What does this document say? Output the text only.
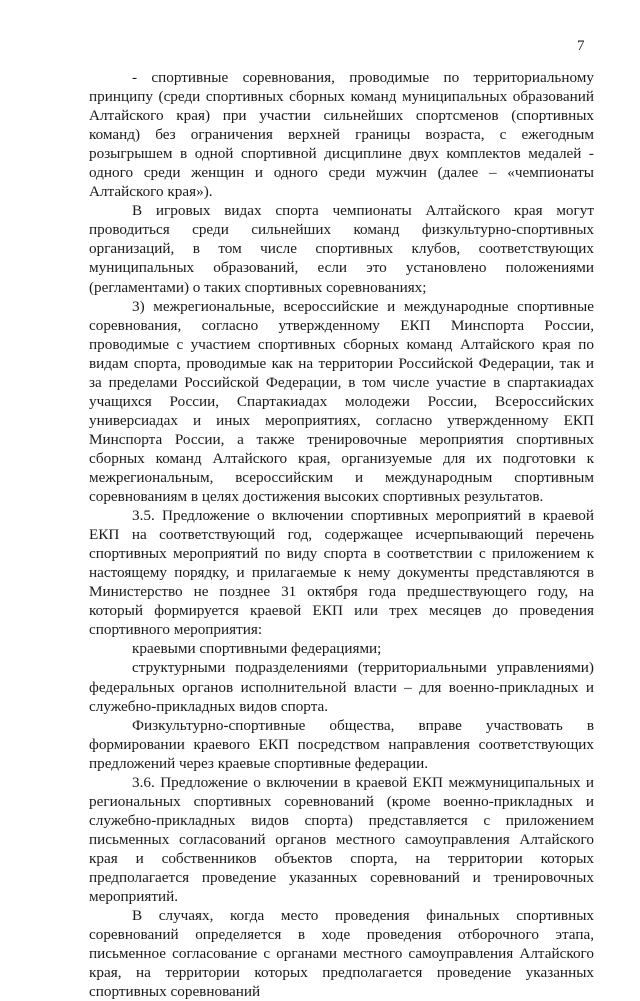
7

- спортивные соревнования, проводимые по территориальному принципу (среди спортивных сборных команд муниципальных образований Алтайского края) при участии сильнейших спортсменов (спортивных команд) без ограничения верхней границы возраста, с ежегодным розыгрышем в одной спортивной дисциплине двух комплектов медалей - одного среди женщин и одного среди мужчин (далее – «чемпионаты Алтайского края»).

В игровых видах спорта чемпионаты Алтайского края могут проводиться среди сильнейших команд физкультурно-спортивных организаций, в том числе спортивных клубов, соответствующих муниципальных образований, если это установлено положениями (регламентами) о таких спортивных соревнованиях;

3) межрегиональные, всероссийские и международные спортивные соревнования, согласно утвержденному ЕКП Минспорта России, проводимые с участием спортивных сборных команд Алтайского края по видам спорта, проводимые как на территории Российской Федерации, так и за пределами Российской Федерации, в том числе участие в спартакиадах учащихся России, Спартакиадах молодежи России, Всероссийских универсиадах и иных мероприятиях, согласно утвержденному ЕКП Минспорта России, а также тренировочные мероприятия спортивных сборных команд Алтайского края, организуемые для их подготовки к межрегиональным, всероссийским и международным спортивным соревнованиям в целях достижения высоких спортивных результатов.

3.5. Предложение о включении спортивных мероприятий в краевой ЕКП на соответствующий год, содержащее исчерпывающий перечень спортивных мероприятий по виду спорта в соответствии с приложением к настоящему порядку, и прилагаемые к нему документы представляются в Министерство не позднее 31 октября года предшествующего году, на который формируется краевой ЕКП или трех месяцев до проведения спортивного мероприятия:

краевыми спортивными федерациями;

структурными подразделениями (территориальными управлениями) федеральных органов исполнительной власти – для военно-прикладных и служебно-прикладных видов спорта.

Физкультурно-спортивные общества, вправе участвовать в формировании краевого ЕКП посредством направления соответствующих предложений через краевые спортивные федерации.

3.6. Предложение о включении в краевой ЕКП межмуниципальных и региональных спортивных соревнований (кроме военно-прикладных и служебно-прикладных видов спорта) представляется с приложением письменных согласований органов местного самоуправления Алтайского края и собственников объектов спорта, на территории которых предполагается проведение указанных соревнований и тренировочных мероприятий.

В случаях, когда место проведения финальных спортивных соревнований определяется в ходе проведения отборочного этапа, письменное согласование с органами местного самоуправления Алтайского края, на территории которых предполагается проведение указанных спортивных соревнований
